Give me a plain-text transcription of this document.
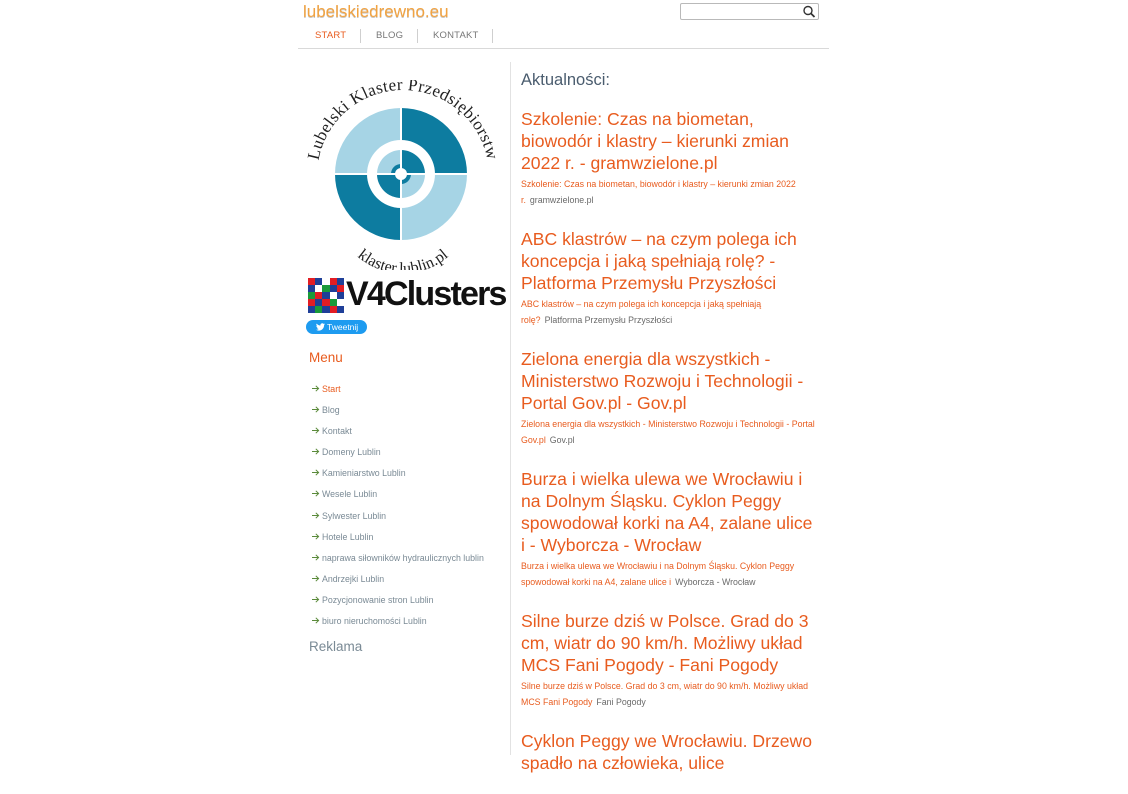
lubelskiedrewno.eu
START	BLOG	KONTAKT
Lubelski Klaster Przedsiębiorst
klaster.lublin.pl
V4Clusters
Tweetnij
Menu
Start
Blog
Kontakt
Domeny Lublin
Kamieniarstwo Lublin
Wesele Lublin
Sylwester Lublin
Hotele Lublin
naprawa siłowników hydraulicznych lublin
Andrzejki Lublin
Pozycjonowanie stron Lublin
biuro nieruchomości Lublin
Reklama
Aktualności:
Szkolenie: Czas na biometan, biowodór i klastry – kierunki zmian 2022 r. - gramwzielone.pl
Szkolenie: Czas na biometan, biowodór i klastry – kierunki zmian 2022 r. gramwzielone.pl
ABC klastrów – na czym polega ich koncepcja i jaką spełniają rolę? - Platforma Przemysłu Przyszłości
ABC klastrów – na czym polega ich koncepcja i jaką spełniają rolę? Platforma Przemysłu Przyszłości
Zielona energia dla wszystkich - Ministerstwo Rozwoju i Technologii - Portal Gov.pl - Gov.pl
Zielona energia dla wszystkich - Ministerstwo Rozwoju i Technologii - Portal Gov.pl Gov.pl
Burza i wielka ulewa we Wrocławiu i na Dolnym Śląsku. Cyklon Peggy spowodował korki na A4, zalane ulice i - Wyborcza - Wrocław
Burza i wielka ulewa we Wrocławiu i na Dolnym Śląsku. Cyklon Peggy spowodował korki na A4, zalane ulice i Wyborcza - Wrocław
Silne burze dziś w Polsce. Grad do 3 cm, wiatr do 90 km/h. Możliwy układ MCS Fani Pogody - Fani Pogody
Silne burze dziś w Polsce. Grad do 3 cm, wiatr do 90 km/h. Możliwy układ MCS Fani Pogody Fani Pogody
Cyklon Peggy we Wrocławiu. Drzewo spadło na człowieka, ulice
